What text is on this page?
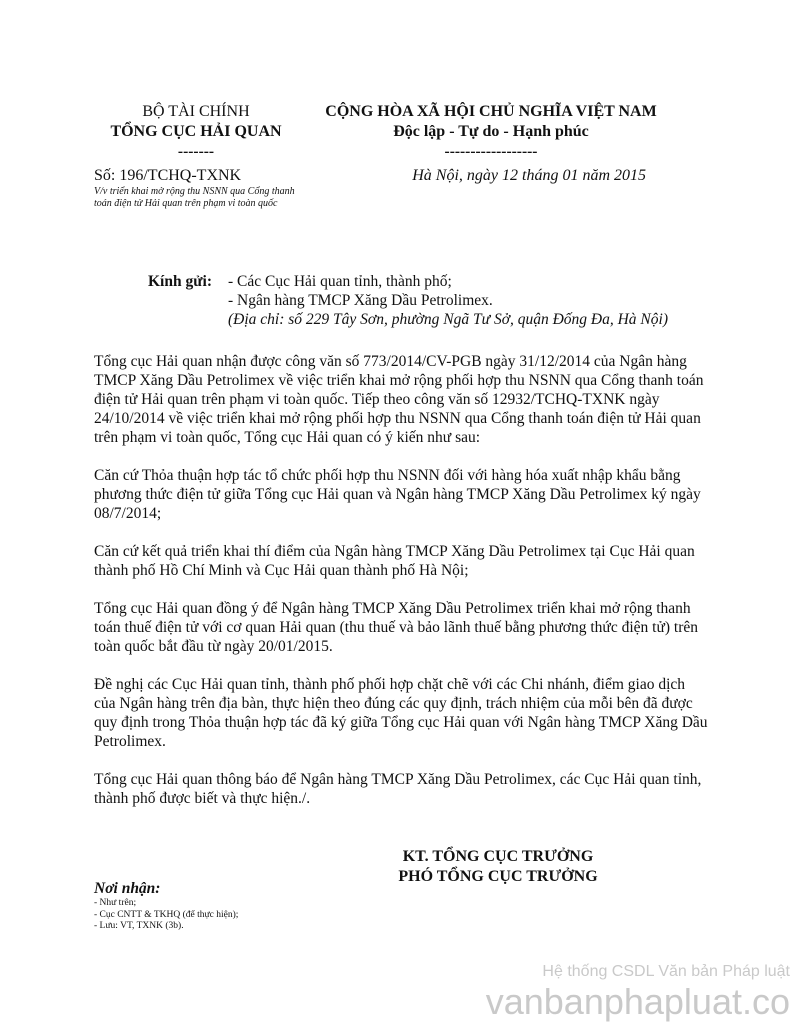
BỘ TÀI CHÍNH
TỔNG CỤC HẢI QUAN
-------
CỘNG HÒA XÃ HỘI CHỦ NGHĨA VIỆT NAM
Độc lập - Tự do - Hạnh phúc
------------------
Số: 196/TCHQ-TXNK
V/v triển khai mở rộng thu NSNN qua Cổng thanh toán điện tử Hải quan trên phạm vi toàn quốc
Hà Nội, ngày 12 tháng 01 năm 2015
Kính gửi:	- Các Cục Hải quan tỉnh, thành phố;
- Ngân hàng TMCP Xăng Dầu Petrolimex.
(Địa chỉ: số 229 Tây Sơn, phường Ngã Tư Sở, quận Đống Đa, Hà Nội)

Tổng cục Hải quan nhận được công văn số 773/2014/CV-PGB ngày 31/12/2014 của Ngân hàng TMCP Xăng Dầu Petrolimex về việc triển khai mở rộng phối hợp thu NSNN qua Cổng thanh toán điện tử Hải quan trên phạm vi toàn quốc. Tiếp theo công văn số 12932/TCHQ-TXNK ngày 24/10/2014 về việc triển khai mở rộng phối hợp thu NSNN qua Cổng thanh toán điện tử Hải quan trên phạm vi toàn quốc, Tổng cục Hải quan có ý kiến như sau:

Căn cứ Thỏa thuận hợp tác tổ chức phối hợp thu NSNN đối với hàng hóa xuất nhập khẩu bằng phương thức điện tử giữa Tổng cục Hải quan và Ngân hàng TMCP Xăng Dầu Petrolimex ký ngày 08/7/2014;

Căn cứ kết quả triển khai thí điểm của Ngân hàng TMCP Xăng Dầu Petrolimex tại Cục Hải quan thành phố Hồ Chí Minh và Cục Hải quan thành phố Hà Nội;

Tổng cục Hải quan đồng ý để Ngân hàng TMCP Xăng Dầu Petrolimex triển khai mở rộng thanh toán thuế điện tử với cơ quan Hải quan (thu thuế và bảo lãnh thuế bằng phương thức điện tử) trên toàn quốc bắt đầu từ ngày 20/01/2015.

Đề nghị các Cục Hải quan tỉnh, thành phố phối hợp chặt chẽ với các Chi nhánh, điểm giao dịch của Ngân hàng trên địa bàn, thực hiện theo đúng các quy định, trách nhiệm của mỗi bên đã được quy định trong Thỏa thuận hợp tác đã ký giữa Tổng cục Hải quan với Ngân hàng TMCP Xăng Dầu Petrolimex.

Tổng cục Hải quan thông báo để Ngân hàng TMCP Xăng Dầu Petrolimex, các Cục Hải quan tỉnh, thành phố được biết và thực hiện./.

KT. TỔNG CỤC TRƯỞNG
PHÓ TỔNG CỤC TRƯỞNG
Nơi nhận:
- Như trên;
- Cục CNTT & TKHQ (để thực hiện);
- Lưu: VT, TXNK (3b).
Hệ thống CSDL Văn bản Pháp luật
vanbanphapluat.co
